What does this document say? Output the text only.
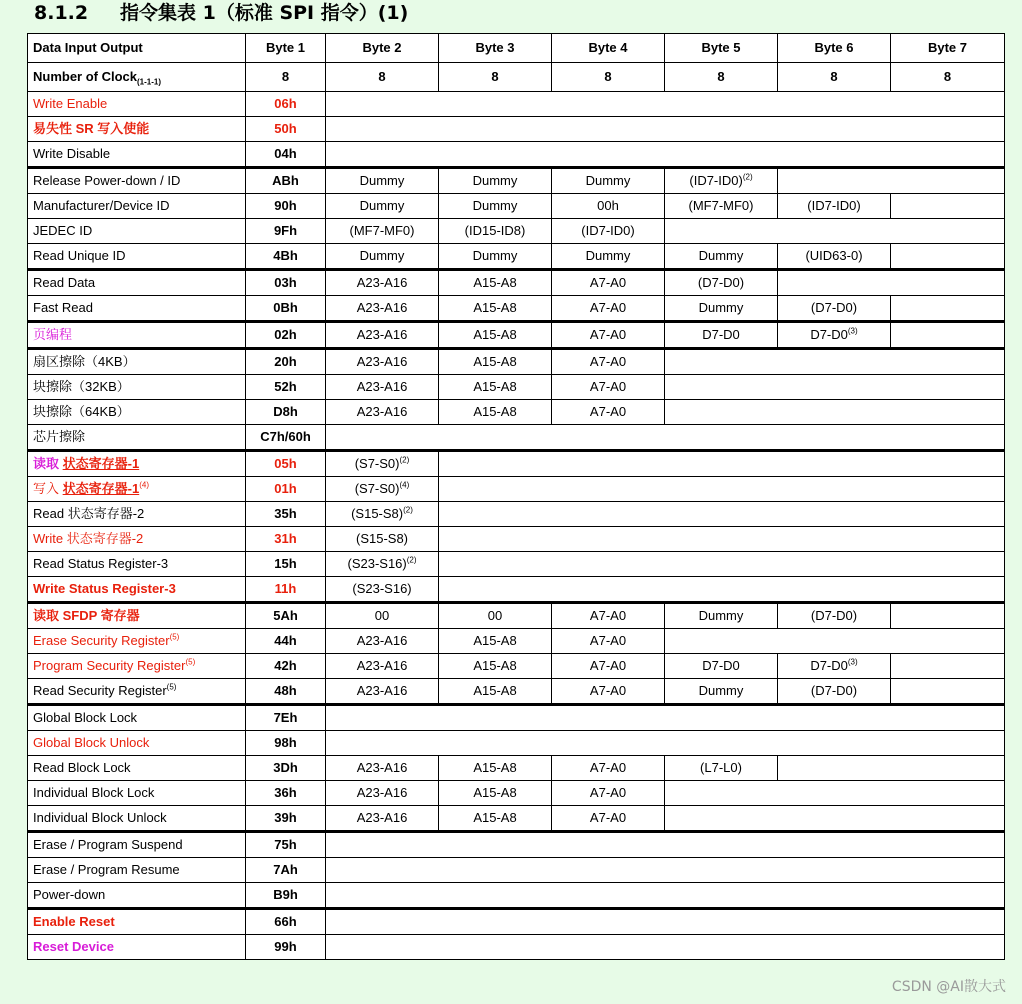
8.1.2 指令集表 1（标准 SPI 指令）(1)
Data Input Output	Byte 1	Byte 2	Byte 3	Byte 4	Byte 5	Byte 6	Byte 7
Number of Clock$_{(1-1-1)}$	8	8	8	8	8	8	8
Write Enable	06h						
易失性 SR 写入使能	50h						
Write Disable	04h						
Release Power-down / ID	ABh	Dummy	Dummy	Dummy	$(ID7-ID0)^{(2)}$	
Manufacturer/Device ID	90h	Dummy	Dummy	00h	(MF7-MF0)	(ID7-ID0)	
JEDEC ID	9Fh	(MF7-MF0)	(ID15-ID8)	(ID7-ID0)			
Read Unique ID	4Bh	Dummy	Dummy	Dummy	Dummy	(UID63-0)	
Read Data	03h	A23-A16	A15-A8	A7-A0	(D7-D0)		
Fast Read	0Bh	A23-A16	A15-A8	A7-A0	Dummy	(D7-D0)	
页编程	02h	A23-A16	A15-A8	A7-A0	D7-D0	D7-D0$^{(3)}$	
扇区擦除（4KB）	20h	A23-A16	A15-A8	A7-A0			
块擦除（32KB）	52h	A23-A16	A15-A8	A7-A0			
块擦除（64KB）	D8h	A23-A16	A15-A8	A7-A0			
芯片擦除	C7h/60h						
读取 状态寄存器-1	05h	$(S7-S0)^{(2)}$	
写入 状态寄存器-1$^{(4)}$	01h	$(S7-S0)^{(4)}$	
Read 状态寄存器-2	35h	$(S15-S8)^{(2)}$	
Write 状态寄存器-2	31h	(S15-S8)					
Read Status Register-3	15h	$(S23-S16)^{(2)}$	
Write Status Register-3	11h	(S23-S16)					
读取 SFDP 寄存器	5Ah	00	00	A7-A0	Dummy	(D7-D0)	
Erase Security Register$^{(5)}$	44h	A23-A16	A15-A8	A7-A0			
Program Security Register$^{(5)}$	42h	A23-A16	A15-A8	A7-A0	D7-D0	D7-D0$^{(3)}$	
Read Security Register$^{(5)}$	48h	A23-A16	A15-A8	A7-A0	Dummy	(D7-D0)	
Global Block Lock	7Eh						
Global Block Unlock	98h						
Read Block Lock	3Dh	A23-A16	A15-A8	A7-A0	(L7-L0)		
Individual Block Lock	36h	A23-A16	A15-A8	A7-A0			
Individual Block Unlock	39h	A23-A16	A15-A8	A7-A0			
Erase / Program Suspend	75h						
Erase / Program Resume	7Ah						
Power-down	B9h						
Enable Reset	66h						
Reset Device	99h						
CSDN @AI散大式
